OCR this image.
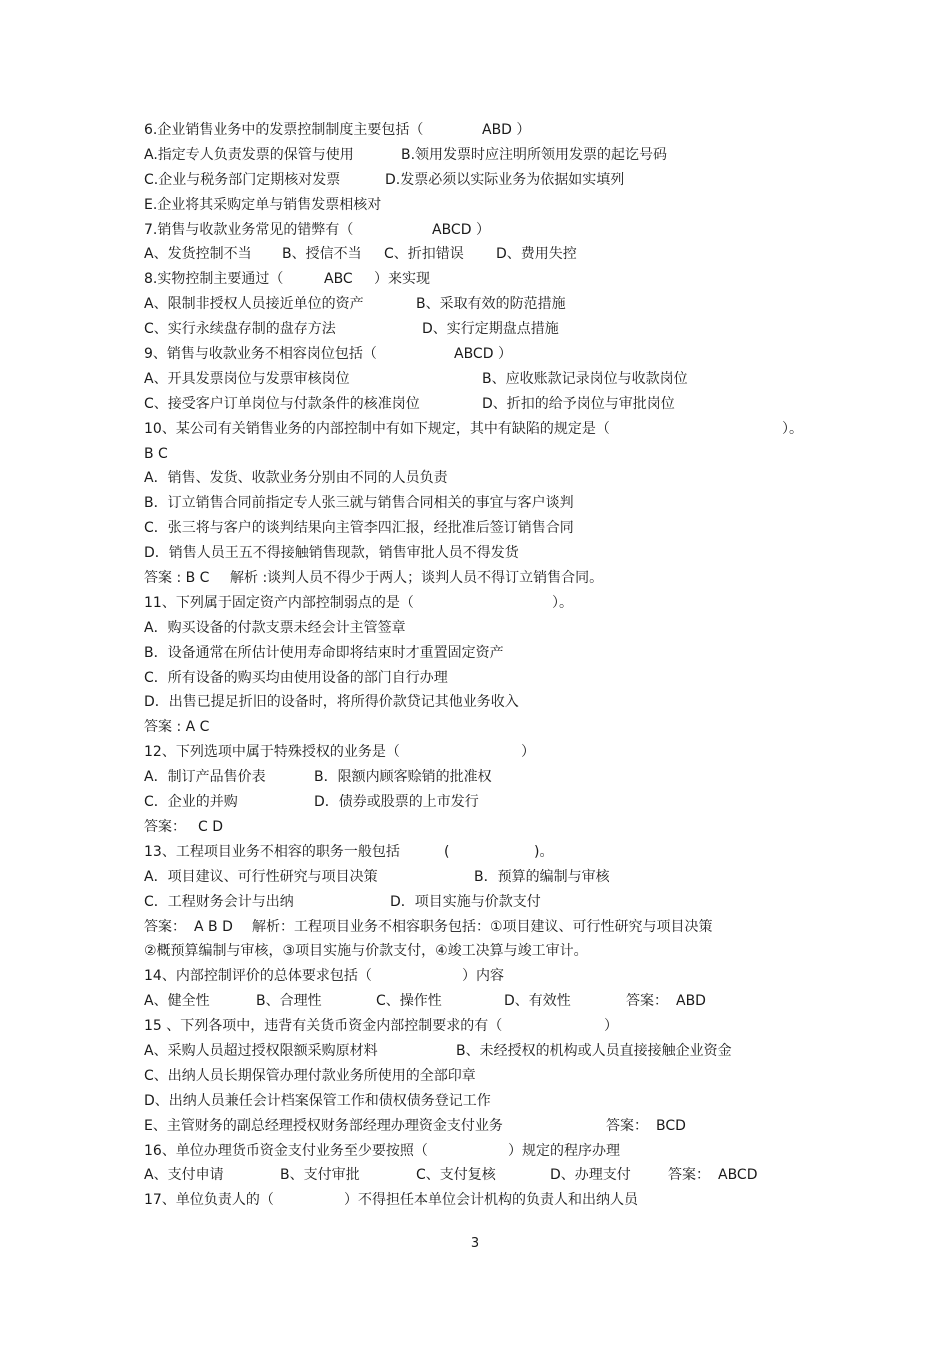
6.企业销售业务中的发票控制制度主要包括（	ABD ）
A.指定专人负责发票的保管与使用	B.领用发票时应注明所领用发票的起讫号码
C.企业与税务部门定期核对发票	D.发票必须以实际业务为依据如实填列
E.企业将其采购定单与销售发票相核对
7.销售与收款业务常见的错弊有（	ABCD ）
A、发货控制不当 B、授信不当 C、折扣错误 D、费用失控
8.实物控制主要通过（	ABC ）来实现
A、限制非授权人员接近单位的资产	B、采取有效的防范措施
C、实行永续盘存制的盘存方法	D、实行定期盘点措施
9、销售与收款业务不相容岗位包括（	ABCD ）
A、开具发票岗位与发票审核岗位	B、应收账款记录岗位与收款岗位
C、接受客户订单岗位与付款条件的核准岗位	D、折扣的给予岗位与审批岗位
10、某公司有关销售业务的内部控制中有如下规定，其中有缺陷的规定是（	）。
B C
A．销售、发货、收款业务分别由不同的人员负责
B．订立销售合同前指定专人张三就与销售合同相关的事宜与客户谈判
C．张三将与客户的谈判结果向主管李四汇报，经批准后签订销售合同
D．销售人员王五不得接触销售现款，销售审批人员不得发货
答案 : B C 解析 :谈判人员不得少于两人；谈判人员不得订立销售合同。
11、下列属于固定资产内部控制弱点的是（	）。
A．购买设备的付款支票未经会计主管签章
B．设备通常在所估计使用寿命即将结束时才重置固定资产
C．所有设备的购买均由使用设备的部门自行办理
D．出售已提足折旧的设备时，将所得价款贷记其他业务收入
答案 : A C
12、下列选项中属于特殊授权的业务是（	）
A．制订产品售价表	B．限额内顾客赊销的批准权
C．企业的并购	D．债券或股票的上市发行
答案： C D
13、工程项目业务不相容的职务一般包括	(	)。
A．项目建议、可行性研究与项目决策	B．预算的编制与审核
C．工程财务会计与出纳	D．项目实施与价款支付
答案： A B D 解析：工程项目业务不相容职务包括：①项目建议、可行性研究与项目决策
②概预算编制与审核，③项目实施与价款支付，④竣工决算与竣工审计。
14、内部控制评价的总体要求包括（	）内容
A、健全性	B、合理性	C、操作性	D、有效性	答案： ABD
15 、下列各项中，违背有关货币资金内部控制要求的有（	）
A、采购人员超过授权限额采购原材料	B、未经授权的机构或人员直接接触企业资金
C、出纳人员长期保管办理付款业务所使用的全部印章
D、出纳人员兼任会计档案保管工作和债权债务登记工作
E、主管财务的副总经理授权财务部经理办理资金支付业务	答案： BCD
16、单位办理货币资金支付业务至少要按照（	）规定的程序办理
A、支付申请	B、支付审批	C、支付复核	D、办理支付	答案： ABCD
17、单位负责人的（	）不得担任本单位会计机构的负责人和出纳人员
3
